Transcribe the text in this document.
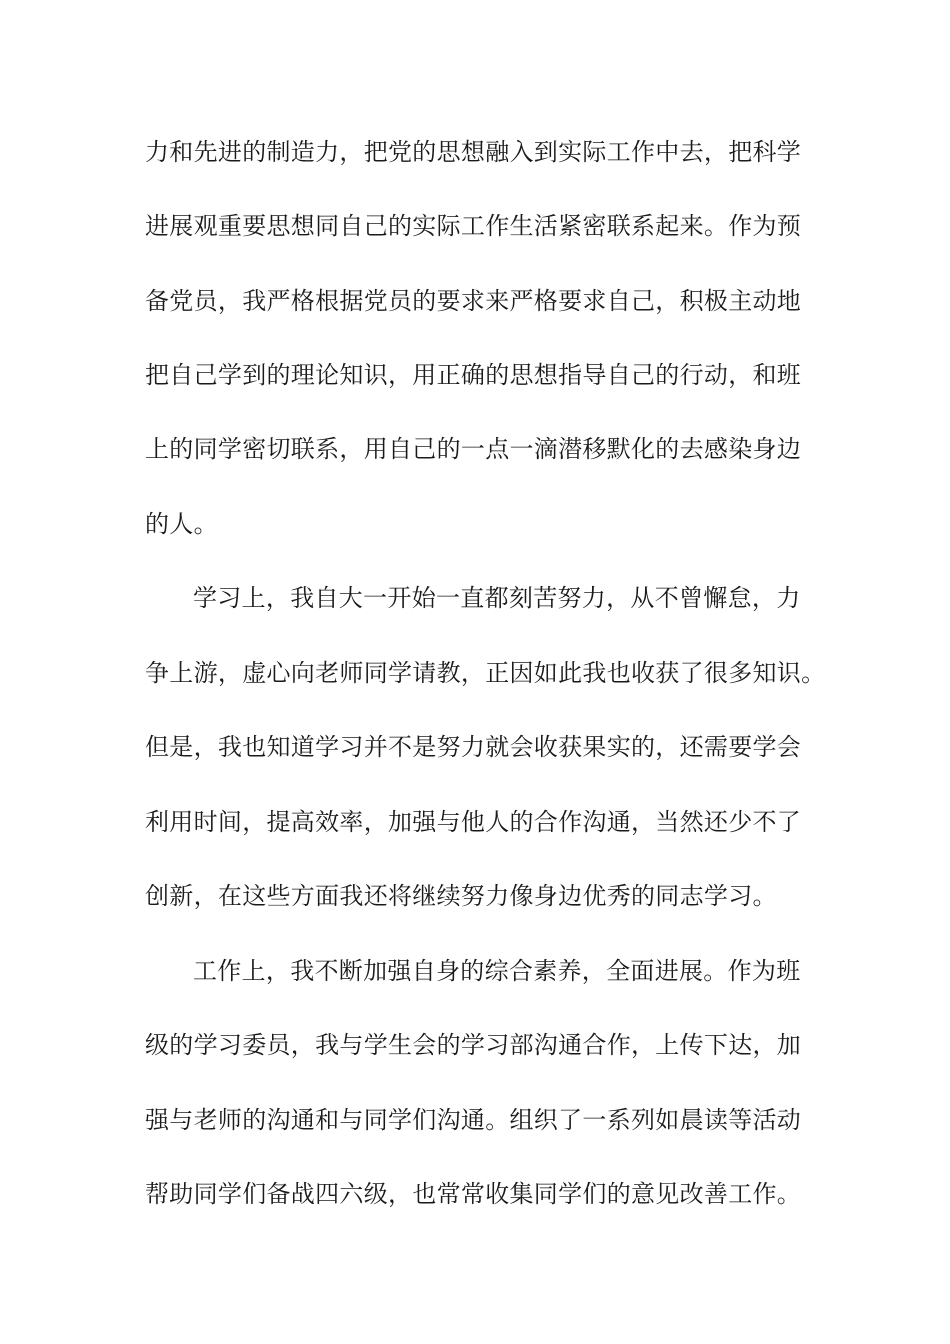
力和先进的制造力，把党的思想融入到实际工作中去，把科学
进展观重要思想同自己的实际工作生活紧密联系起来。作为预
备党员，我严格根据党员的要求来严格要求自己，积极主动地
把自己学到的理论知识，用正确的思想指导自己的行动，和班
上的同学密切联系，用自己的一点一滴潜移默化的去感染身边
的人。
学习上，我自大一开始一直都刻苦努力，从不曾懈怠，力
争上游，虚心向老师同学请教，正因如此我也收获了很多知识。
但是，我也知道学习并不是努力就会收获果实的，还需要学会
利用时间，提高效率，加强与他人的合作沟通，当然还少不了
创新，在这些方面我还将继续努力像身边优秀的同志学习。
工作上，我不断加强自身的综合素养，全面进展。作为班
级的学习委员，我与学生会的学习部沟通合作，上传下达，加
强与老师的沟通和与同学们沟通。组织了一系列如晨读等活动
帮助同学们备战四六级，也常常收集同学们的意见改善工作。
